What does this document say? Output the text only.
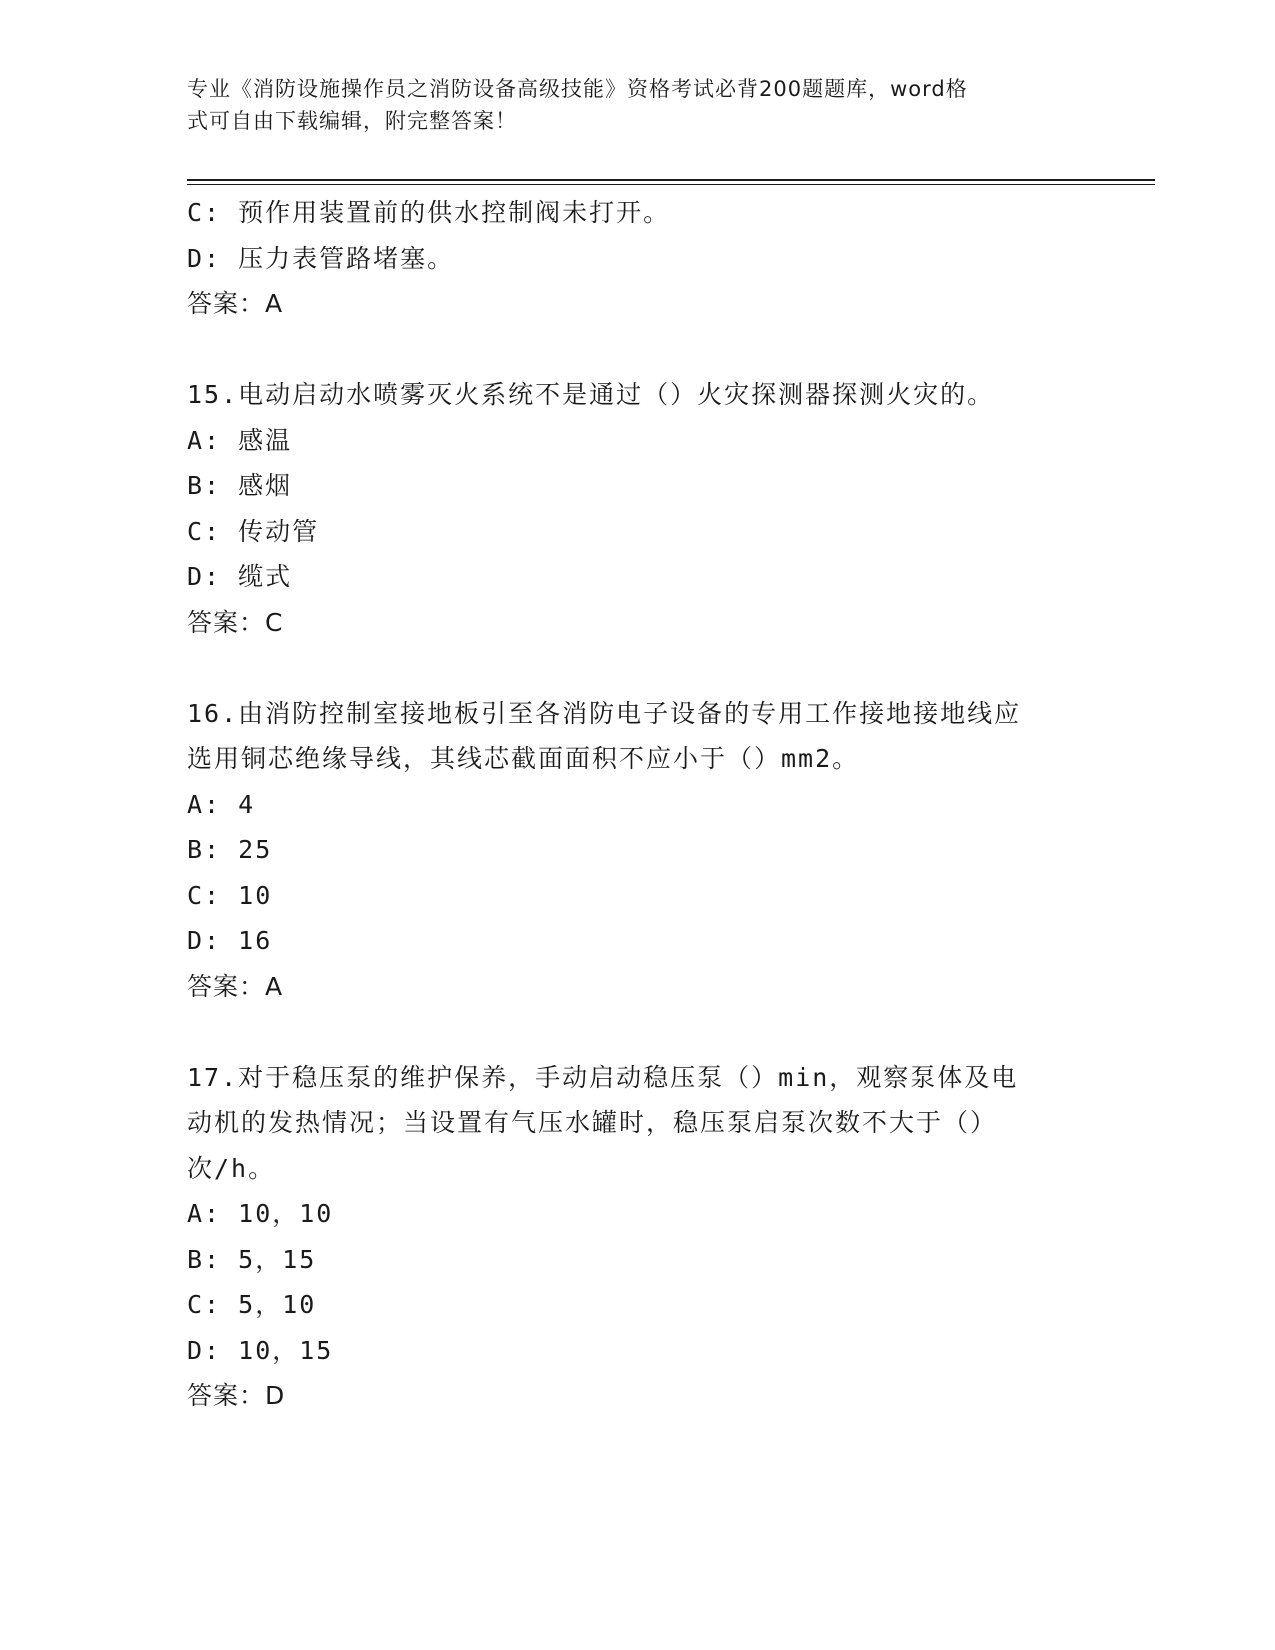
专业《消防设施操作员之消防设备高级技能》资格考试必背200题题库，word格
式可自由下载编辑，附完整答案！
C: 预作用装置前的供水控制阀未打开。
D: 压力表管路堵塞。
答案：A
15.电动启动水喷雾灭火系统不是通过（）火灾探测器探测火灾的。
A: 感温
B: 感烟
C: 传动管
D: 缆式
答案：C
16.由消防控制室接地板引至各消防电子设备的专用工作接地接地线应
选用铜芯绝缘导线，其线芯截面面积不应小于（）mm2。
A: 4
B: 25
C: 10
D: 16
答案：A
17.对于稳压泵的维护保养，手动启动稳压泵（）min，观察泵体及电
动机的发热情况；当设置有气压水罐时，稳压泵启泵次数不大于（）
次/h。
A: 10，10
B: 5，15
C: 5，10
D: 10，15
答案：D
